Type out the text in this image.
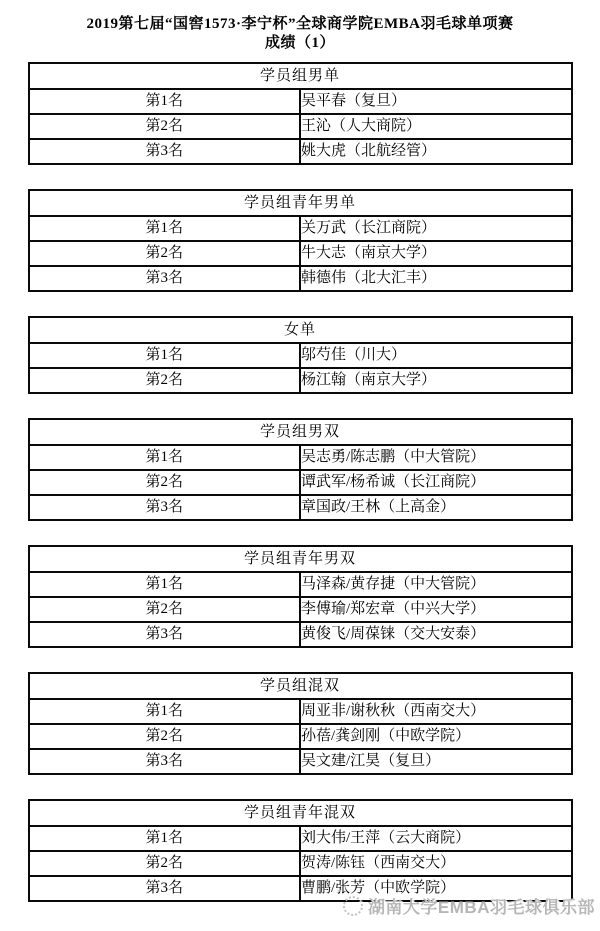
2019第七届“国窖1573·李宁杯”全球商学院EMBA羽毛球单项赛
成绩（1）
学员组男单	
第1名	吴平春（复旦）
第2名	王沁（人大商院）
第3名	姚大虎（北航经管）
学员组青年男单	
第1名	关万武（长江商院）
第2名	牛大志（南京大学）
第3名	韩德伟（北大汇丰）
女单	
第1名	邬芍佳（川大）
第2名	杨江翰（南京大学）
学员组男双	
第1名	吴志勇/陈志鹏（中大管院）
第2名	谭武军/杨希诚（长江商院）
第3名	章国政/王林（上高金）
学员组青年男双	
第1名	马泽森/黄存捷（中大管院）
第2名	李傅瑜/郑宏章（中兴大学）
第3名	黄俊飞/周葆铼（交大安泰）
学员组混双	
第1名	周亚非/谢秋秋（西南交大）
第2名	孙蓓/龚剑刚（中欧学院）
第3名	吴文建/江昊（复旦）
学员组青年混双	
第1名	刘大伟/王萍（云大商院）
第2名	贺涛/陈钰（西南交大）
第3名	曹鹏/张芳（中欧学院）
ˇ
湖南大学EMBA羽毛球俱乐部
